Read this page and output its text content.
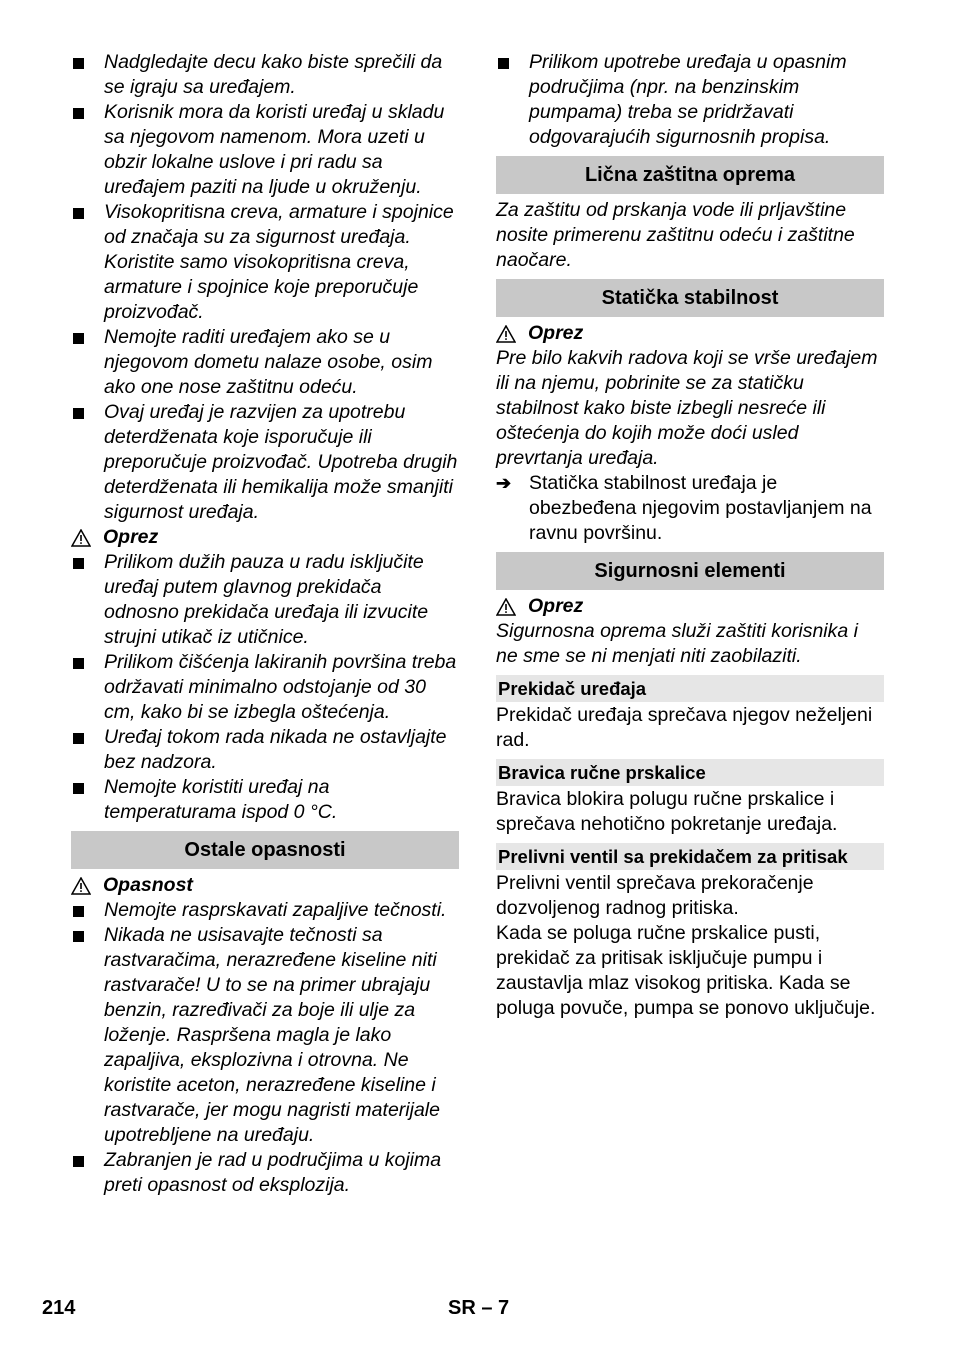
Nadgledajte decu kako biste sprečili da se igraju sa uređajem.
Korisnik mora da koristi uređaj u skladu sa njegovom namenom. Mora uzeti u obzir lokalne uslove i pri radu sa uređajem paziti na ljude u okruženju.
Visokopritisna creva, armature i spojnice od značaja su za sigurnost uređaja. Koristite samo visokopritisna creva, armature i spojnice koje preporučuje proizvođač.
Nemojte raditi uređajem ako se u njegovom dometu nalaze osobe, osim ako one nose zaštitnu odeću.
Ovaj uređaj je razvijen za upotrebu deterdženata koje isporučuje ili preporučuje proizvođač. Upotreba drugih deterdženata ili hemikalija može smanjiti sigurnost uređaja.
Oprez
Prilikom dužih pauza u radu isključite uređaj putem glavnog prekidača odnosno prekidača uređaja ili izvucite strujni utikač iz utičnice.
Prilikom čišćenja lakiranih površina treba održavati minimalno odstojanje od 30 cm, kako bi se izbegla oštećenja.
Uređaj tokom rada nikada ne ostavljajte bez nadzora.
Nemojte koristiti uređaj na temperaturama ispod 0 °C.
Ostale opasnosti
Opasnost
Nemojte rasprskavati zapaljive tečnosti.
Nikada ne usisavajte tečnosti sa rastvaračima, nerazređene kiseline niti rastvarače! U to se na primer ubrajaju benzin, razređivači za boje ili ulje za loženje. Raspršena magla je lako zapaljiva, eksplozivna i otrovna. Ne koristite aceton, nerazređene kiseline i rastvarače, jer mogu nagristi materijale upotrebljene na uređaju.
Zabranjen je rad u područjima u kojima preti opasnost od eksplozija.
Prilikom upotrebe uređaja u opasnim područjima (npr. na benzinskim pumpama) treba se pridržavati odgovarajućih sigurnosnih propisa.
Lična zaštitna oprema
Za zaštitu od prskanja vode ili prljavštine nosite primerenu zaštitnu odeću i zaštitne naočare.
Statička stabilnost
Oprez
Pre bilo kakvih radova koji se vrše uređajem ili na njemu, pobrinite se za statičku stabilnost kako biste izbegli nesreće ili oštećenja do kojih može doći usled prevrtanja uređaja.
➔ Statička stabilnost uređaja je obezbeđena njegovim postavljanjem na ravnu površinu.
Sigurnosni elementi
Oprez
Sigurnosna oprema služi zaštiti korisnika i ne sme se ni menjati niti zaobilaziti.
Prekidač uređaja
Prekidač uređaja sprečava njegov neželjeni rad.
Bravica ručne prskalice
Bravica blokira polugu ručne prskalice i sprečava nehotično pokretanje uređaja.
Prelivni ventil sa prekidačem za pritisak
Prelivni ventil sprečava prekoračenje dozvoljenog radnog pritiska.
Kada se poluga ručne prskalice pusti, prekidač za pritisak isključuje pumpu i zaustavlja mlaz visokog pritiska. Kada se poluga povuče, pumpa se ponovo uključuje.
214	SR – 7
